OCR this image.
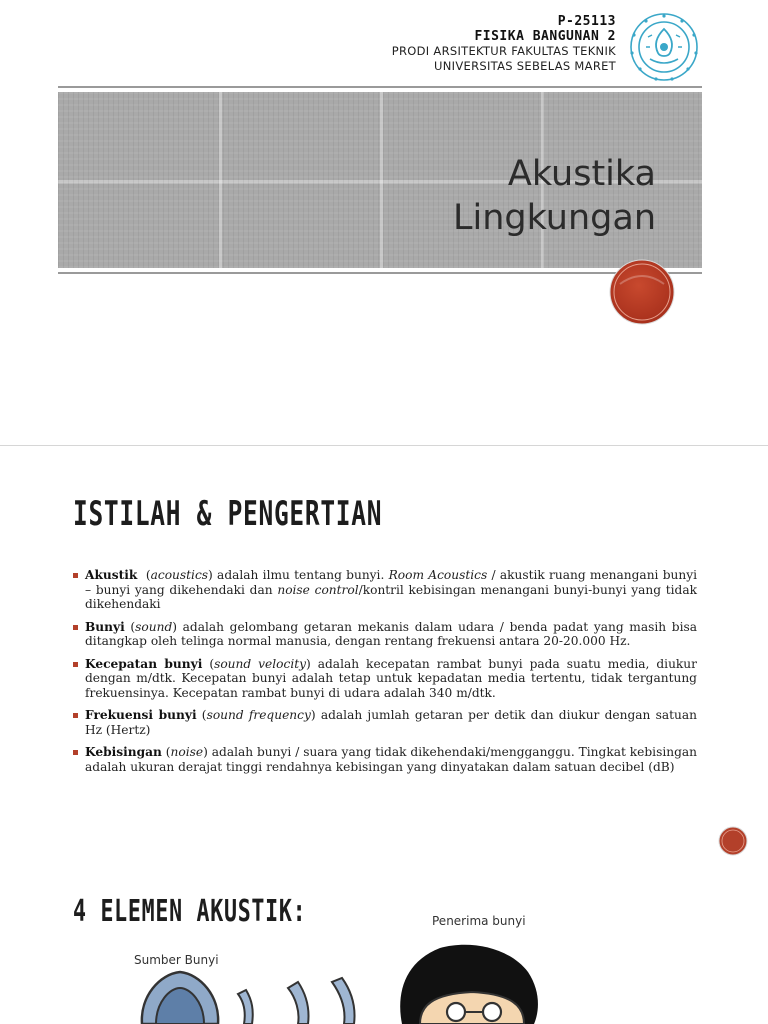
P-25113
FISIKA BANGUNAN 2
PRODI ARSITEKTUR FAKULTAS TEKNIK
UNIVERSITAS SEBELAS MARET
Akustika
Lingkungan
ISTILAH & PENGERTIAN
Akustik  (acoustics) adalah ilmu tentang bunyi. Room Acoustics / akustik ruang menangani bunyi – bunyi yang dikehendaki dan noise control/kontril kebisingan menangani bunyi-bunyi yang tidak dikehendaki
Bunyi (sound) adalah gelombang getaran mekanis dalam udara / benda padat yang masih bisa ditangkap oleh telinga normal manusia, dengan rentang frekuensi antara 20-20.000 Hz.
Kecepatan bunyi (sound velocity) adalah kecepatan rambat bunyi pada suatu media, diukur dengan m/dtk. Kecepatan bunyi adalah tetap untuk kepadatan media tertentu, tidak tergantung frekuensinya. Kecepatan rambat bunyi di udara adalah 340 m/dtk.
Frekuensi bunyi (sound frequency) adalah jumlah getaran per detik dan diukur dengan satuan Hz (Hertz)
Kebisingan (noise) adalah bunyi / suara yang tidak dikehendaki/mengganggu. Tingkat kebisingan adalah ukuran derajat tinggi rendahnya kebisingan yang dinyatakan dalam satuan decibel (dB)
4 ELEMEN AKUSTIK:	Penerima bunyi
Sumber Bunyi
